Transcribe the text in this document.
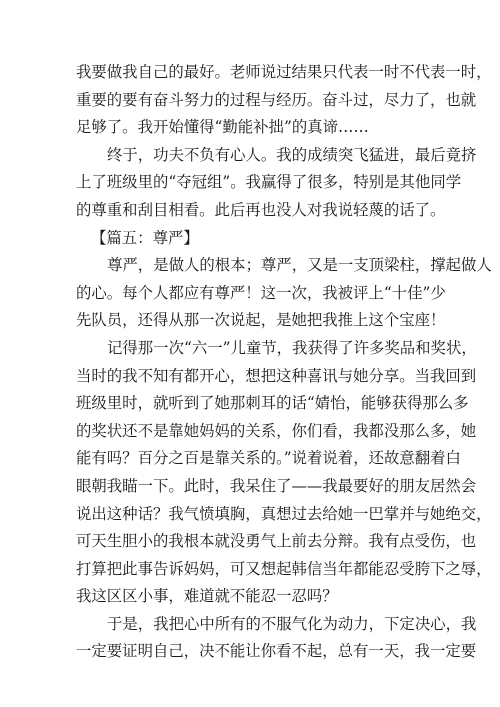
我要做我自己的最好。老师说过结果只代表一时不代表一时，
重要的要有奋斗努力的过程与经历。奋斗过，尽力了，也就
足够了。我开始懂得“勤能补拙”的真谛……
终于，功夫不负有心人。我的成绩突飞猛进，最后竟挤
上了班级里的“夺冠组”。我赢得了很多，特别是其他同学
的尊重和刮目相看。此后再也没人对我说轻蔑的话了。
【篇五：尊严】
尊严，是做人的根本；尊严，又是一支顶梁柱，撑起做人
的心。每个人都应有尊严！这一次，我被评上“十佳”少
先队员，还得从那一次说起，是她把我推上这个宝座！
记得那一次“六一”儿童节，我获得了许多奖品和奖状，
当时的我不知有都开心，想把这种喜讯与她分享。当我回到
班级里时，就听到了她那刺耳的话“婧怡，能够获得那么多
的奖状还不是靠她妈妈的关系，你们看，我都没那么多，她
能有吗？百分之百是靠关系的。”说着说着，还故意翻着白
眼朝我瞄一下。此时，我呆住了——我最要好的朋友居然会
说出这种话？我气愤填胸，真想过去给她一巴掌并与她绝交，
可天生胆小的我根本就没勇气上前去分辩。我有点受伤，也
打算把此事告诉妈妈，可又想起韩信当年都能忍受胯下之辱，
我这区区小事，难道就不能忍一忍吗？
于是，我把心中所有的不服气化为动力，下定决心，我
一定要证明自己，决不能让你看不起，总有一天，我一定要
